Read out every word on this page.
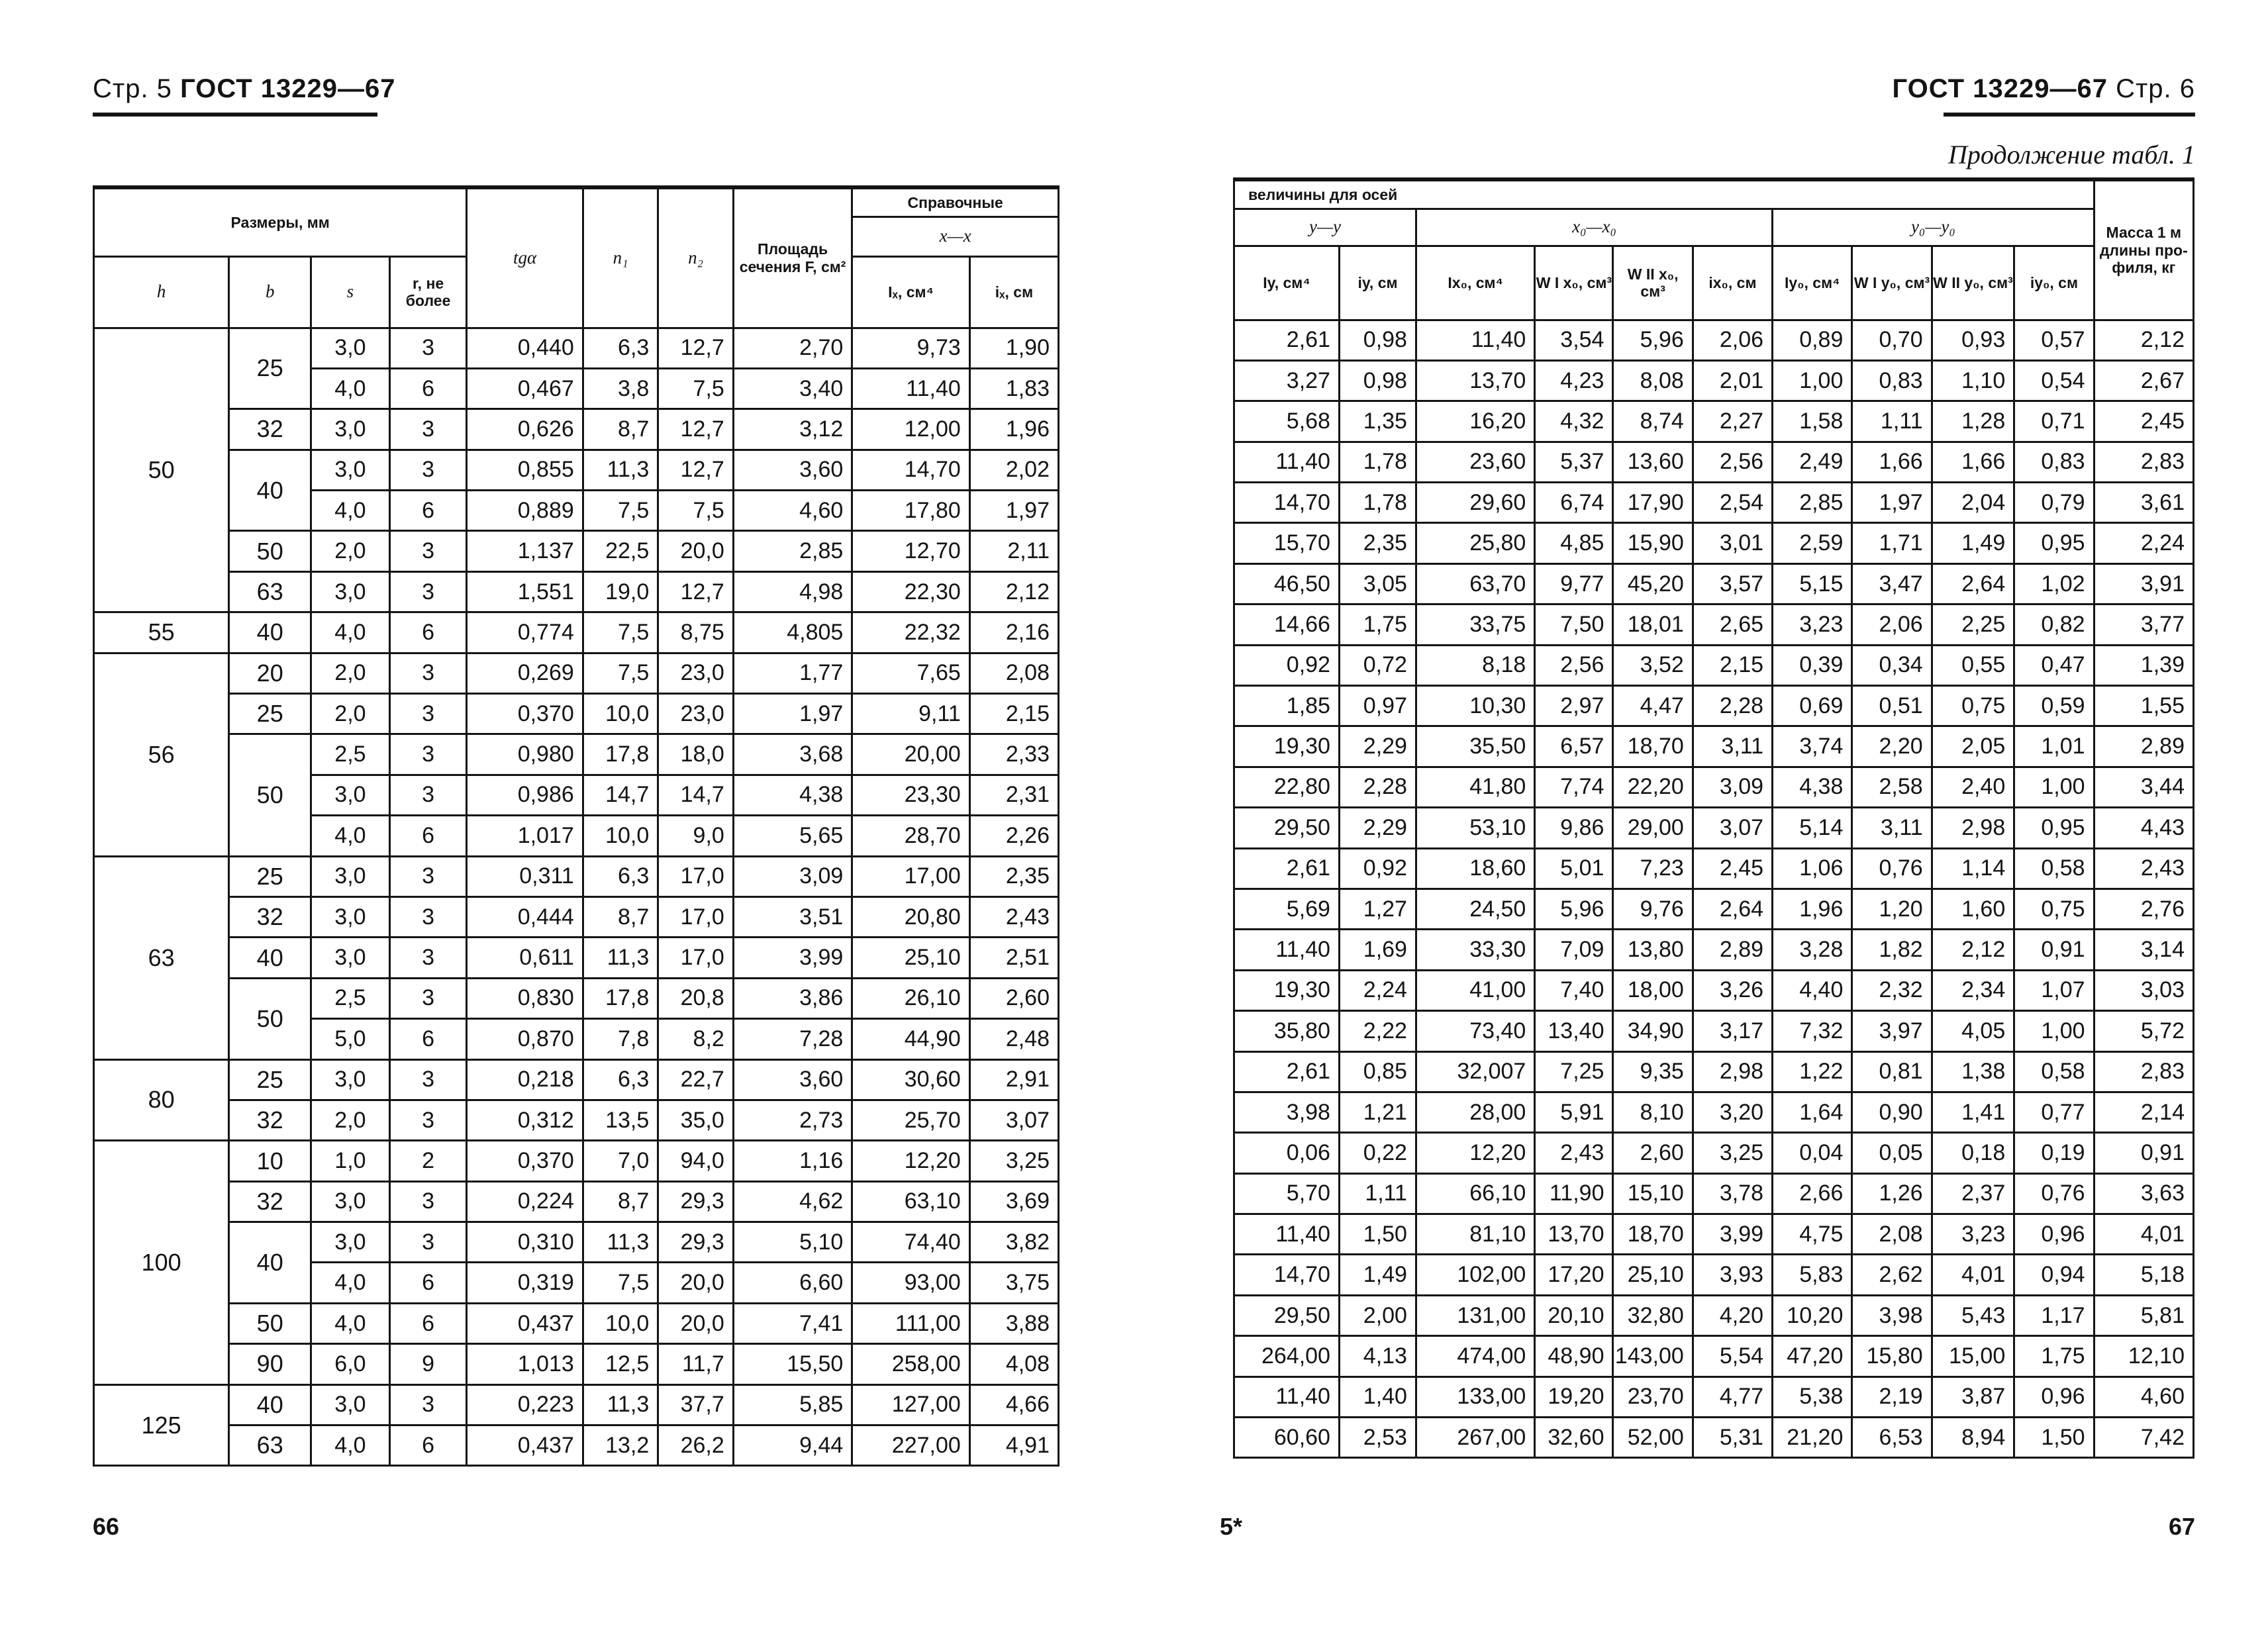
Стр. 5 ГОСТ 13229—67
Размеры, мм				tgα	n₁	n₂	Площадь сечения F, см²	Справочные	
								x—x	
h	b	s	r, не более					Iₓ, см⁴	iₓ, см
50	25	3,0	3	0,440	6,3	12,7	2,70	9,73	1,90
		4,0	6	0,467	3,8	7,5	3,40	11,40	1,83
	32	3,0	3	0,626	8,7	12,7	3,12	12,00	1,96
	40	3,0	3	0,855	11,3	12,7	3,60	14,70	2,02
		4,0	6	0,889	7,5	7,5	4,60	17,80	1,97
	50	2,0	3	1,137	22,5	20,0	2,85	12,70	2,11
	63	3,0	3	1,551	19,0	12,7	4,98	22,30	2,12
55	40	4,0	6	0,774	7,5	8,75	4,805	22,32	2,16
56	20	2,0	3	0,269	7,5	23,0	1,77	7,65	2,08
	25	2,0	3	0,370	10,0	23,0	1,97	9,11	2,15
	50	2,5	3	0,980	17,8	18,0	3,68	20,00	2,33
		3,0	3	0,986	14,7	14,7	4,38	23,30	2,31
		4,0	6	1,017	10,0	9,0	5,65	28,70	2,26
63	25	3,0	3	0,311	6,3	17,0	3,09	17,00	2,35
	32	3,0	3	0,444	8,7	17,0	3,51	20,80	2,43
	40	3,0	3	0,611	11,3	17,0	3,99	25,10	2,51
	50	2,5	3	0,830	17,8	20,8	3,86	26,10	2,60
		5,0	6	0,870	7,8	8,2	7,28	44,90	2,48
80	25	3,0	3	0,218	6,3	22,7	3,60	30,60	2,91
	32	2,0	3	0,312	13,5	35,0	2,73	25,70	3,07
100	10	1,0	2	0,370	7,0	94,0	1,16	12,20	3,25
	32	3,0	3	0,224	8,7	29,3	4,62	63,10	3,69
	40	3,0	3	0,310	11,3	29,3	5,10	74,40	3,82
		4,0	6	0,319	7,5	20,0	6,60	93,00	3,75
	50	4,0	6	0,437	10,0	20,0	7,41	111,00	3,88
	90	6,0	9	1,013	12,5	11,7	15,50	258,00	4,08
125	40	3,0	3	0,223	11,3	37,7	5,85	127,00	4,66
	63	4,0	6	0,437	13,2	26,2	9,44	227,00	4,91
66
ГОСТ 13229—67 Стр. 6
Продолжение табл. 1
величины для осей										Масса 1 м длины про-филя, кг
y—y		x₀—x₀				y₀—y₀				
Iy, см⁴	iy, см	Ix₀, см⁴	W I x₀, см³	W II x₀, см³	ix₀, см	Iy₀, см⁴	W I y₀, см³	W II y₀, см³	iy₀, см	
2,61	0,98	11,40	3,54	5,96	2,06	0,89	0,70	0,93	0,57	2,12
3,27	0,98	13,70	4,23	8,08	2,01	1,00	0,83	1,10	0,54	2,67
5,68	1,35	16,20	4,32	8,74	2,27	1,58	1,11	1,28	0,71	2,45
11,40	1,78	23,60	5,37	13,60	2,56	2,49	1,66	1,66	0,83	2,83
14,70	1,78	29,60	6,74	17,90	2,54	2,85	1,97	2,04	0,79	3,61
15,70	2,35	25,80	4,85	15,90	3,01	2,59	1,71	1,49	0,95	2,24
46,50	3,05	63,70	9,77	45,20	3,57	5,15	3,47	2,64	1,02	3,91
14,66	1,75	33,75	7,50	18,01	2,65	3,23	2,06	2,25	0,82	3,77
0,92	0,72	8,18	2,56	3,52	2,15	0,39	0,34	0,55	0,47	1,39
1,85	0,97	10,30	2,97	4,47	2,28	0,69	0,51	0,75	0,59	1,55
19,30	2,29	35,50	6,57	18,70	3,11	3,74	2,20	2,05	1,01	2,89
22,80	2,28	41,80	7,74	22,20	3,09	4,38	2,58	2,40	1,00	3,44
29,50	2,29	53,10	9,86	29,00	3,07	5,14	3,11	2,98	0,95	4,43
2,61	0,92	18,60	5,01	7,23	2,45	1,06	0,76	1,14	0,58	2,43
5,69	1,27	24,50	5,96	9,76	2,64	1,96	1,20	1,60	0,75	2,76
11,40	1,69	33,30	7,09	13,80	2,89	3,28	1,82	2,12	0,91	3,14
19,30	2,24	41,00	7,40	18,00	3,26	4,40	2,32	2,34	1,07	3,03
35,80	2,22	73,40	13,40	34,90	3,17	7,32	3,97	4,05	1,00	5,72
2,61	0,85	32,007	7,25	9,35	2,98	1,22	0,81	1,38	0,58	2,83
3,98	1,21	28,00	5,91	8,10	3,20	1,64	0,90	1,41	0,77	2,14
0,06	0,22	12,20	2,43	2,60	3,25	0,04	0,05	0,18	0,19	0,91
5,70	1,11	66,10	11,90	15,10	3,78	2,66	1,26	2,37	0,76	3,63
11,40	1,50	81,10	13,70	18,70	3,99	4,75	2,08	3,23	0,96	4,01
14,70	1,49	102,00	17,20	25,10	3,93	5,83	2,62	4,01	0,94	5,18
29,50	2,00	131,00	20,10	32,80	4,20	10,20	3,98	5,43	1,17	5,81
264,00	4,13	474,00	48,90	143,00	5,54	47,20	15,80	15,00	1,75	12,10
11,40	1,40	133,00	19,20	23,70	4,77	5,38	2,19	3,87	0,96	4,60
60,60	2,53	267,00	32,60	52,00	5,31	21,20	6,53	8,94	1,50	7,42
5*	67
